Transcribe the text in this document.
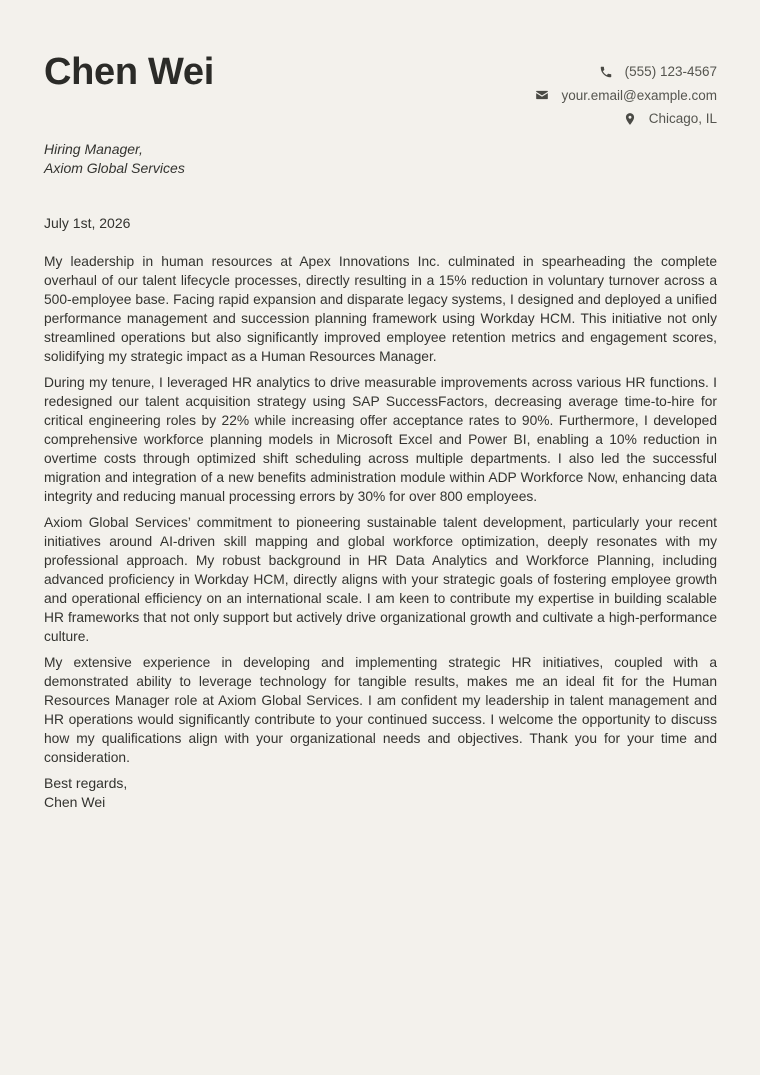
Chen Wei	(555) 123-4567
your.email@example.com
Chicago, IL
Hiring Manager,
Axiom Global Services
July 1st, 2026

My leadership in human resources at Apex Innovations Inc. culminated in spearheading the complete overhaul of our talent lifecycle processes, directly resulting in a 15% reduction in voluntary turnover across a 500-employee base. Facing rapid expansion and disparate legacy systems, I designed and deployed a unified performance management and succession planning framework using Workday HCM. This initiative not only streamlined operations but also significantly improved employee retention metrics and engagement scores, solidifying my strategic impact as a Human Resources Manager.

During my tenure, I leveraged HR analytics to drive measurable improvements across various HR functions. I redesigned our talent acquisition strategy using SAP SuccessFactors, decreasing average time-to-hire for critical engineering roles by 22% while increasing offer acceptance rates to 90%. Furthermore, I developed comprehensive workforce planning models in Microsoft Excel and Power BI, enabling a 10% reduction in overtime costs through optimized shift scheduling across multiple departments. I also led the successful migration and integration of a new benefits administration module within ADP Workforce Now, enhancing data integrity and reducing manual processing errors by 30% for over 800 employees.

Axiom Global Services’ commitment to pioneering sustainable talent development, particularly your recent initiatives around AI-driven skill mapping and global workforce optimization, deeply resonates with my professional approach. My robust background in HR Data Analytics and Workforce Planning, including advanced proficiency in Workday HCM, directly aligns with your strategic goals of fostering employee growth and operational efficiency on an international scale. I am keen to contribute my expertise in building scalable HR frameworks that not only support but actively drive organizational growth and cultivate a high-performance culture.

My extensive experience in developing and implementing strategic HR initiatives, coupled with a demonstrated ability to leverage technology for tangible results, makes me an ideal fit for the Human Resources Manager role at Axiom Global Services. I am confident my leadership in talent management and HR operations would significantly contribute to your continued success. I welcome the opportunity to discuss how my qualifications align with your organizational needs and objectives. Thank you for your time and consideration.

Best regards,
Chen Wei
